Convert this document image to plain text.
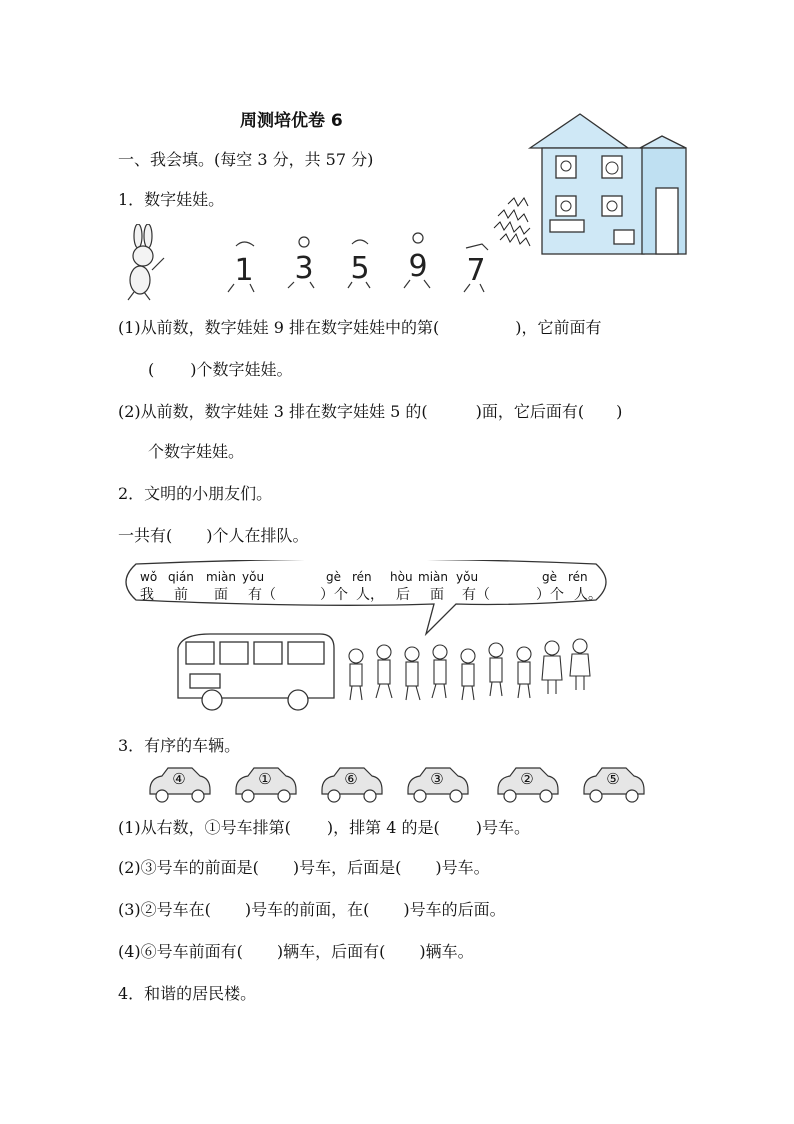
周测培优卷 6
一、我会填。(每空 3 分，共 57 分)
1．数字娃娃。
1 3 5 9 7
(1)从前数，数字娃娃 9 排在数字娃娃中的第(	)，它前面有
( )个数字娃娃。
(2)从前数，数字娃娃 3 排在数字娃娃 5 的(	)面，它后面有( )
个数字娃娃。
2．文明的小朋友们。
一共有( )个人在排队。
wǒ qián miàn yǒu	gè rén hòu miàn yǒu	gè rén
我 前 面 有（	）个 人， 后 面 有（	）个 人。
3．有序的车辆。
④	①	⑥	③	②	⑤
(1)从右数，①号车排第( )，排第 4 的是( )号车。
(2)③号车的前面是( )号车，后面是( )号车。
(3)②号车在( )号车的前面，在( )号车的后面。
(4)⑥号车前面有( )辆车，后面有( )辆车。
4．和谐的居民楼。
